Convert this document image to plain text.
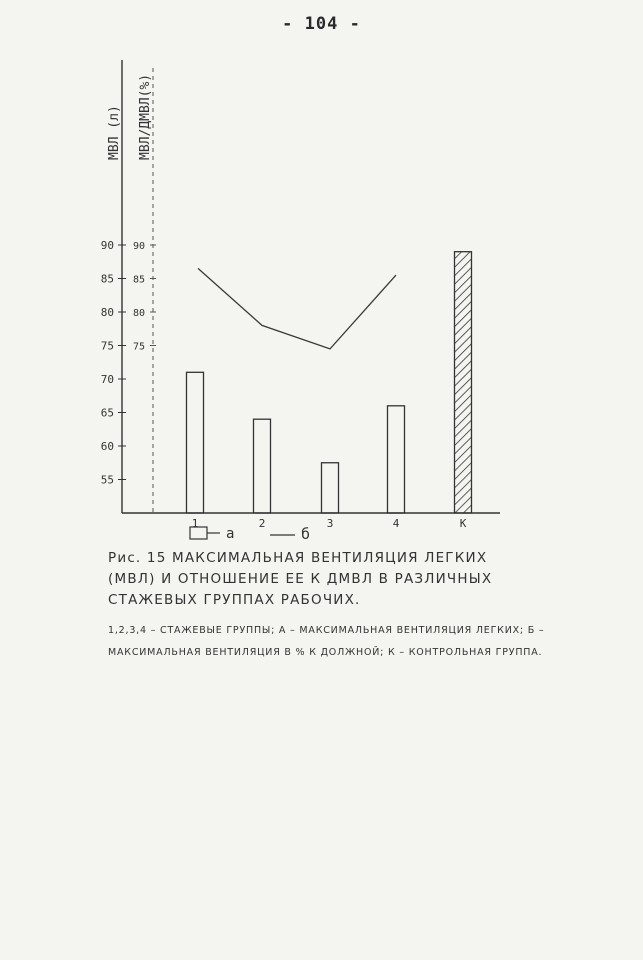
- 104 -
55
60
65
70
75
80
85
90
75
80
85
90
1	2	3	4	К
МВЛ (л) МВЛ/ДМВЛ(%)
а	б
Рис. 15 МАКСИМАЛЬНАЯ ВЕНТИЛЯЦИЯ ЛЕГКИХ (МВЛ) И ОТНОШЕНИЕ ЕЕ К ДМВЛ В РАЗЛИЧНЫХ СТАЖЕВЫХ ГРУППАХ РАБОЧИХ.
1,2,3,4 – СТАЖЕВЫЕ ГРУППЫ; А – МАКСИМАЛЬНАЯ ВЕНТИЛЯЦИЯ ЛЕГКИХ; Б – МАКСИМАЛЬНАЯ ВЕНТИЛЯЦИЯ В % К ДОЛЖНОЙ; К – КОНТРОЛЬНАЯ ГРУППА.
